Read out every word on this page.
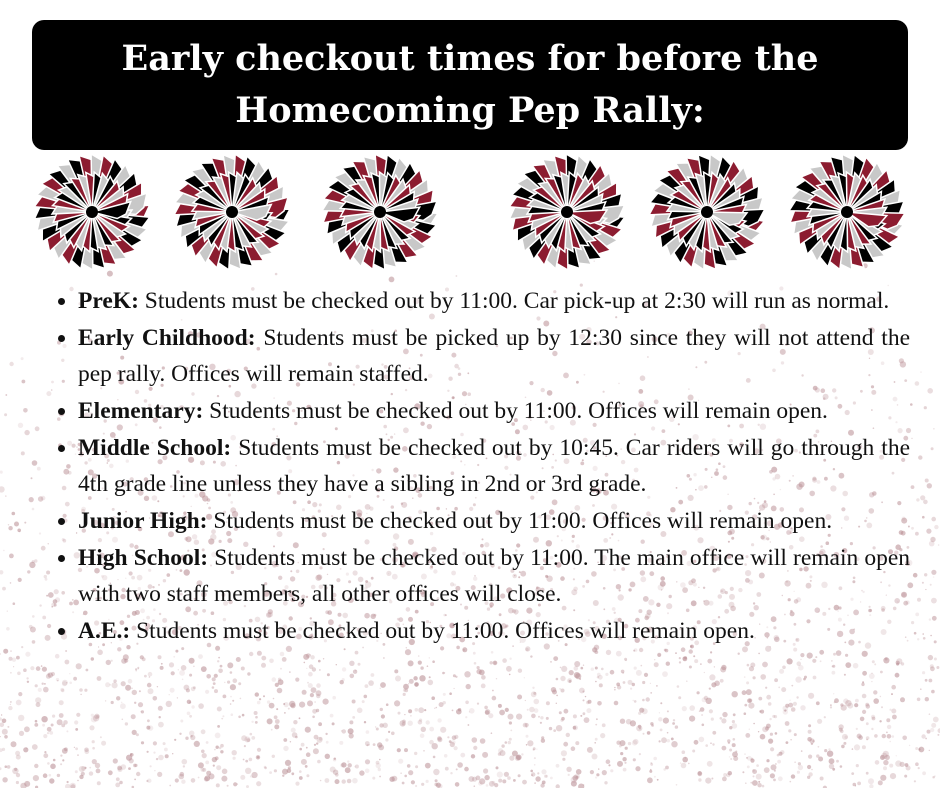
Early checkout times for before the Homecoming Pep Rally:
• PreK: Students must be checked out by 11:00. Car pick-up at 2:30 will run as normal.
• Early Childhood: Students must be picked up by 12:30 since they will not attend the pep rally. Offices will remain staffed.
• Elementary: Students must be checked out by 11:00. Offices will remain open.
• Middle School: Students must be checked out by 10:45. Car riders will go through the 4th grade line unless they have a sibling in 2nd or 3rd grade.
• Junior High: Students must be checked out by 11:00. Offices will remain open.
• High School: Students must be checked out by 11:00. The main office will remain open with two staff members, all other offices will close.
• A.E.: Students must be checked out by 11:00. Offices will remain open.
